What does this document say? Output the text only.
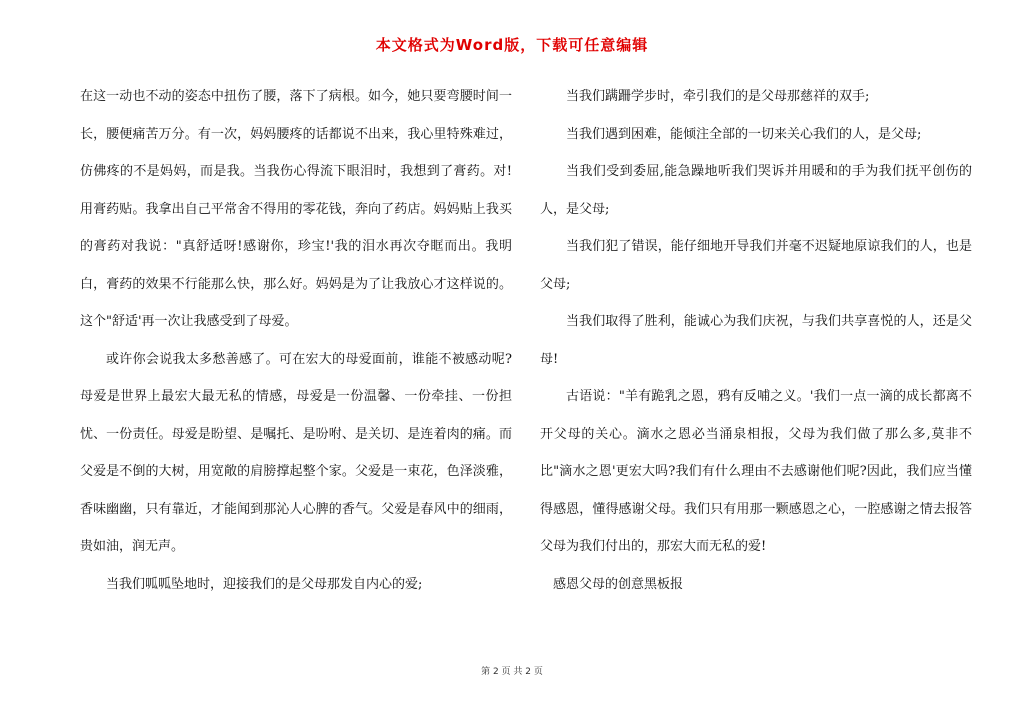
本文格式为Word版，下载可任意编辑

在这一动也不动的姿态中扭伤了腰，落下了病根。如今，她只要弯腰时间一长，腰便痛苦万分。有一次，妈妈腰疼的话都说不出来，我心里特殊难过，仿佛疼的不是妈妈，而是我。当我伤心得流下眼泪时，我想到了膏药。对!用膏药贴。我拿出自己平常舍不得用的零花钱，奔向了药店。妈妈贴上我买的膏药对我说："真舒适呀!感谢你，珍宝!'我的泪水再次夺眶而出。我明白，膏药的效果不行能那么快，那么好。妈妈是为了让我放心才这样说的。这个"舒适'再一次让我感受到了母爱。

或许你会说我太多愁善感了。可在宏大的母爱面前，谁能不被感动呢?母爱是世界上最宏大最无私的情感，母爱是一份温馨、一份牵挂、一份担忧、一份责任。母爱是盼望、是嘱托、是吩咐、是关切、是连着肉的痛。而父爱是不倒的大树，用宽敞的肩膀撑起整个家。父爱是一束花，色泽淡雅，香味幽幽，只有靠近，才能闻到那沁人心脾的香气。父爱是春风中的细雨，贵如油，润无声。

当我们呱呱坠地时，迎接我们的是父母那发自内心的爱;

当我们蹒跚学步时，牵引我们的是父母那慈祥的双手;

当我们遇到困难，能倾注全部的一切来关心我们的人，是父母;

当我们受到委屈,能急躁地听我们哭诉并用暖和的手为我们抚平创伤的人，是父母;

当我们犯了错误，能仔细地开导我们并毫不迟疑地原谅我们的人，也是父母;

当我们取得了胜利，能诚心为我们庆祝，与我们共享喜悦的人，还是父母!

古语说："羊有跪乳之恩，鸦有反哺之义。'我们一点一滴的成长都离不开父母的关心。滴水之恩必当涌泉相报，父母为我们做了那么多,莫非不比"滴水之恩'更宏大吗?我们有什么理由不去感谢他们呢?因此，我们应当懂得感恩，懂得感谢父母。我们只有用那一颗感恩之心，一腔感谢之情去报答父母为我们付出的，那宏大而无私的爱!

感恩父母的创意黑板报

第 2 页 共 2 页
